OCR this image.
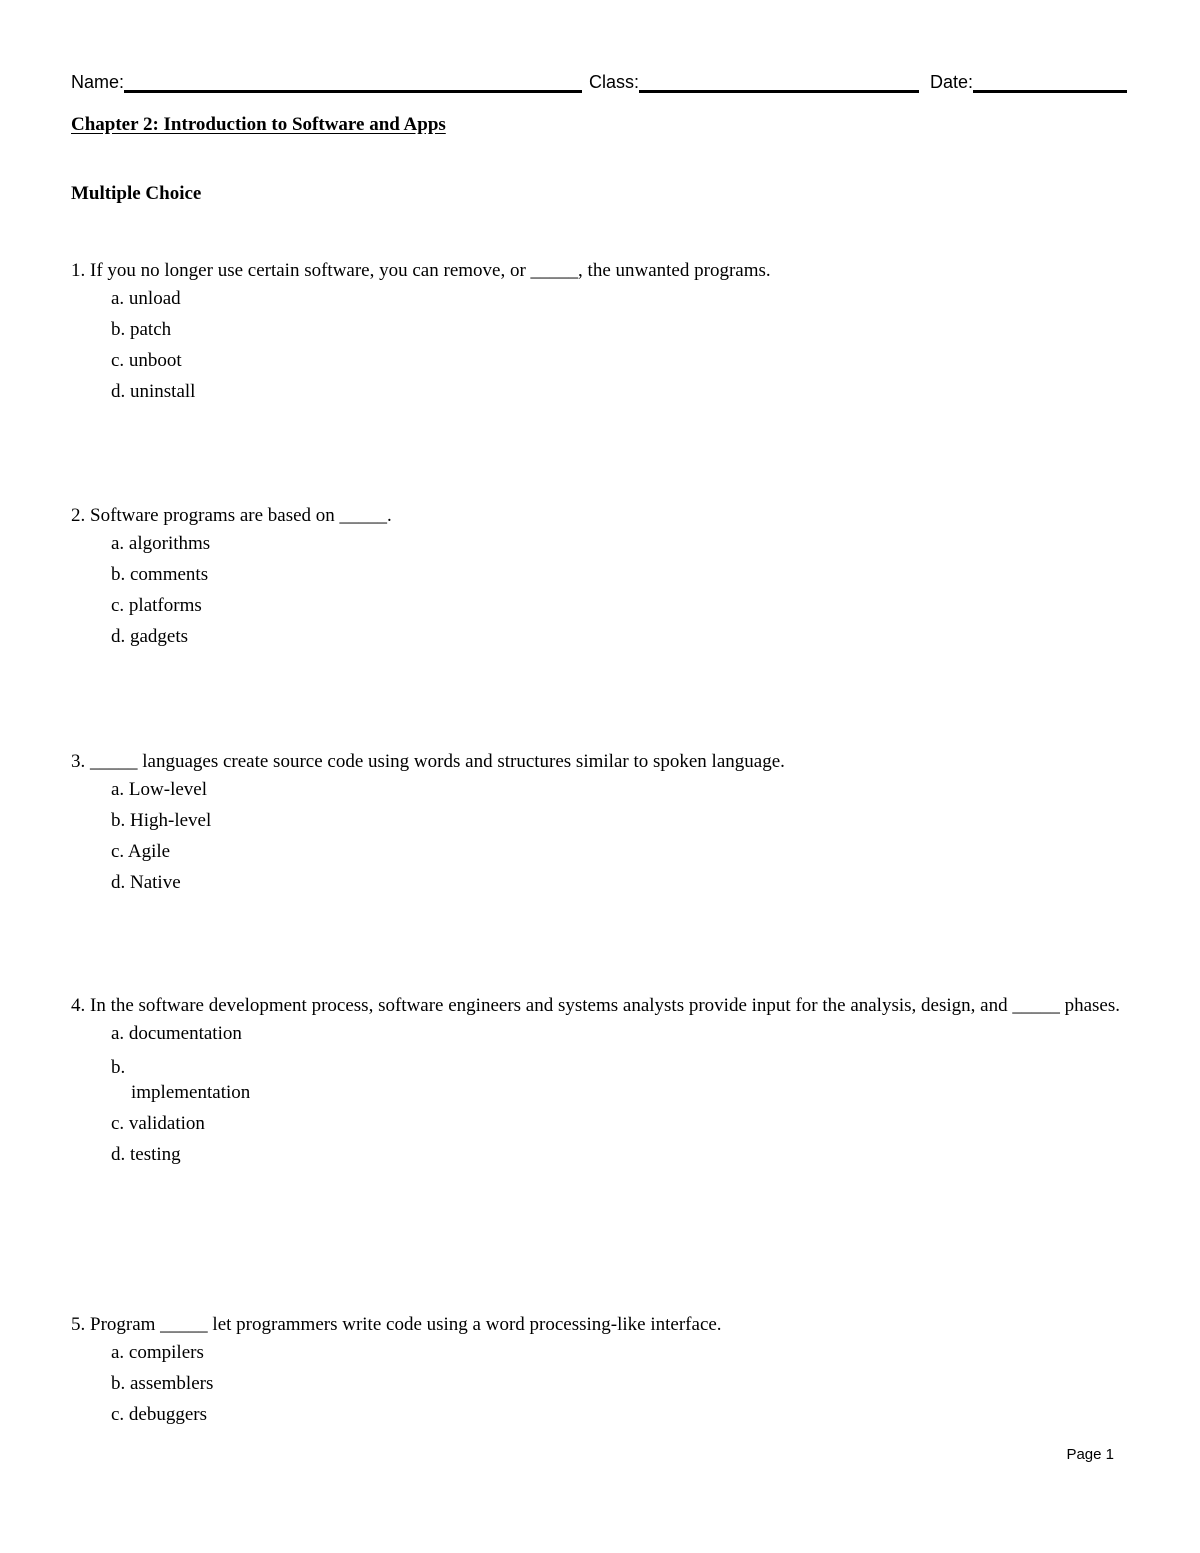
Name:	Class:	Date:
Chapter 2: Introduction to Software and Apps
Multiple Choice
1. If you no longer use certain software, you can remove, or _____, the unwanted programs.
a. unload
b. patch
c. unboot
d. uninstall
2. Software programs are based on _____.
a. algorithms
b. comments
c. platforms
d. gadgets
3. _____ languages create source code using words and structures similar to spoken language.
a. Low-level
b. High-level
c. Agile
d. Native
4. In the software development process, software engineers and systems analysts provide input for the analysis, design, and _____ phases.
a. documentation
b.
implementation
c. validation
d. testing
5. Program _____ let programmers write code using a word processing-like interface.
a. compilers
b. assemblers
c. debuggers
Page 1
